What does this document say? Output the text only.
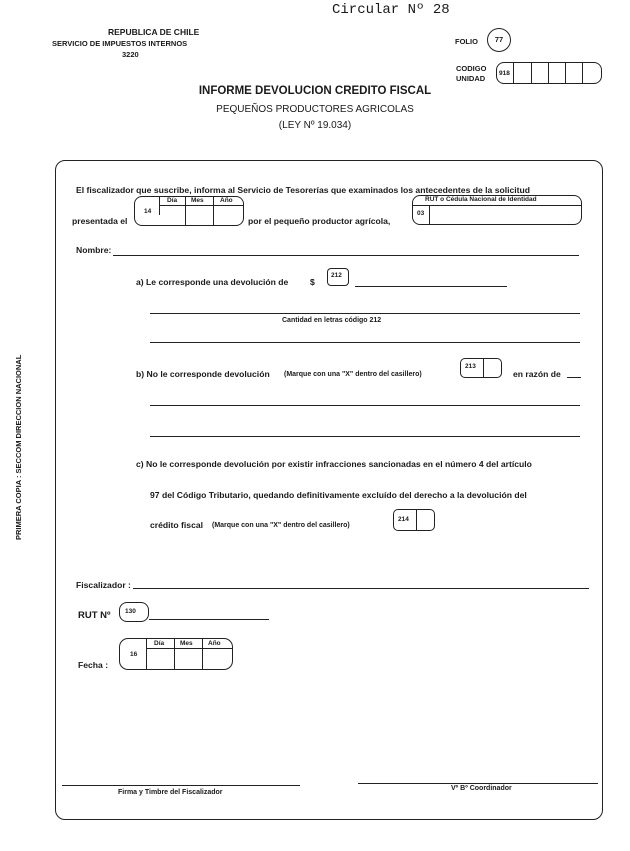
Circular Nº 28
REPUBLICA DE CHILE
SERVICIO DE IMPUESTOS INTERNOS
3220
FOLIO	77
CODIGO
UNIDAD
918
INFORME DEVOLUCION CREDITO FISCAL
PEQUEÑOS PRODUCTORES AGRICOLAS
(LEY Nº 19.034)
PRIMERA COPIA : SECCOM DIRECCION NACIONAL
El fiscalizador que suscribe, informa al Servicio de Tesorerías que examinados los antecedentes de la solicitud
presentada el
14
Día Mes	Año
por el pequeño productor agrícola,
RUT o Cédula Nacional de Identidad
03
Nombre:
a) Le corresponde una devolución de	$
212
Cantidad en letras código 212
b) No le corresponde devolución (Marque con una "X" dentro del casillero)
213
en razón de
c) No le corresponde devolución por existir infracciones sancionadas en el número 4 del artículo
97 del Código Tributario, quedando definitivamente excluído del derecho a la devolución del
crédito fiscal (Marque con una "X" dentro del casillero)
214
Fiscalizador :
RUT Nº 130
Fecha :
16
Día Mes Año
Firma y Timbre del Fiscalizador
Vº Bº Coordinador
